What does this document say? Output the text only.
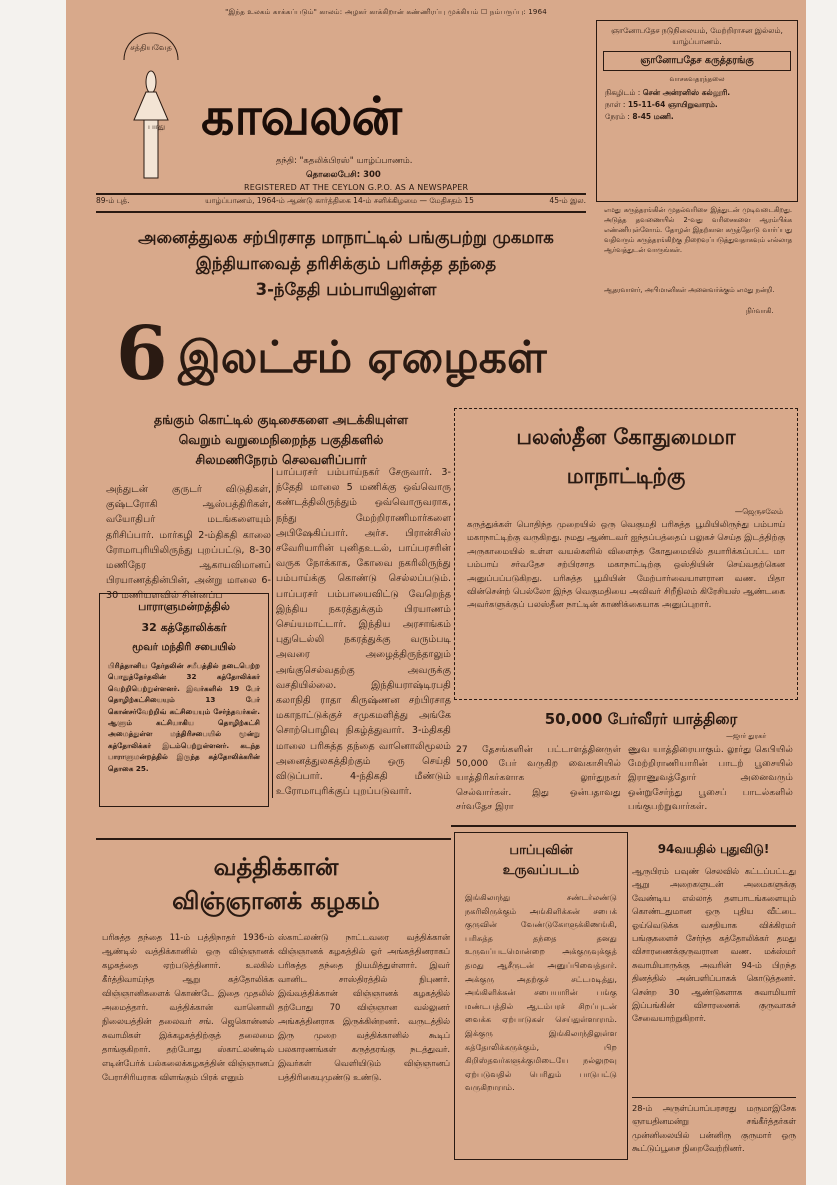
"இந்த உலகம் காக்கப்படும்" காலம்: அழகர் காக்கிறான் கண்ணிரப்பு முக்கியம் ☐ நம்பருப்பு: 1964
சத்தியவேத
பாது காவலன்
தந்தி: "கதலிக்பிரஸ்" யாழ்ப்பாணம்.
தொலைபேசி: 300
REGISTERED AT THE CEYLON G.P.O. AS A NEWSPAPER
ஞானோபதேச நடுநிலையம், மேற்றிராசன இல்லம், யாழ்ப்பாணம்.
ஞானோபதேச கருத்தரங்கு
வாசகவதரந்தலை
நிகழிடம் : சென் அன்ரனிஸ் கல்லூரி.
நாள் : 15-11-64 ஞாயிறுவாரம்.
நேரம் : 8-45 மணி.
எமது கருத்தரங்கின் முதல்வரிசை இத்துடன் முடிவடைகிறது. அடுத்த தவணையில் 2-வது வரிசைகளை ஆரம்பிக்க எண்ணியுள்ளோம். தோழன் இதற்கான கருத்தோடு வார்ப்பது வதிவரும் கருத்தரங்கிற்கு நிறைவுப்படுத்துவதாகவும் எல்லாத ஆர்வத்துடன் வாருங்கள்.
ஆதரவாளர், அபிமானிகள் அனைவர்க்கும் எமது நன்றி.
நிர்வாகி.
89-ம் புத்.	யாழ்ப்பாணம், 1964-ம் ஆண்டு கார்த்திகை 14-ம் சனிக்கிழமை — மேதிசதம் 15	45-ம் இல.
அனைத்துலக சற்பிரசாத மாநாட்டில் பங்குபற்று முகமாக
இந்தியாவைத் தரிசிக்கும் பரிசுத்த தந்தை
3-ந்தேதி பம்பாயிலுள்ள
6 இலட்சம் ஏழைகள்
தங்கும் கொட்டில் குடிசைகளை அடக்கியுள்ள
வெறும் வறுமைநிறைந்த பகுதிகளில்
சிலமணிநேரம் செலவளிப்பார்
அந்துடன் குருடர் விடுதிகள், குஷ்டரோகி ஆஸ்பத்திரிகள், வயோதிபர் மடங்களையும் தரிசிப்பார். மார்கழி 2-ம்திகதி காலை ரோமாபுரியிலிருந்து புறப்பட்டு, 8-30 மணிநேர ஆகாயவிமானப் பிரயாணத்தின்பின், அன்று மாலை 6-30 மணியளவில் சின்னப்ப
பாப்பரசர் பம்பாய்நகர் சேருவார். 3-ந்தேதி மாலை 5 மணிக்கு ஒவ்வொரு கண்டத்திலிருந்தும் ஒவ்வொருவராக, நந்து மேற்றிராணிமார்களை அபிஷேகிப்பார். அர்ச. பிரான்சிஸ் சவேரியாரின் புனிதஉடல், பாப்பரசரின் வருக நோக்காக, கோவை நகரிலிருந்து பம்பாய்க்கு கொண்டு செல்லப்படும். பாப்பரசர் பம்பாயைவிட்டு வேறெந்த இந்திய நகரத்துக்கும் பிரயாணம் செய்யமாட்டார். இந்திய அரசாங்கம் புதுடெல்லி நகரத்துக்கு வரும்படி அவரை அழைத்திருந்தாலும் அங்குசெல்வதற்கு அவருக்கு வசதியில்லை. இந்தியராஷ்டிரபதி கலாநிதி ராதா கிருஷ்ணன சற்பிரசாத மகாநாட்டுக்குச் சமுகமளித்து அங்கே சொற்பொழிவு நிகழ்த்துவார். 3-ம்திகதி மாலை பரிசுத்த தந்தை வானொலிமூலம் அனைத்துலகத்திற்கும் ஒரு செய்தி விடுப்பார். 4-ந்திகதி மீண்டும் உரோமாபுரிக்குப் புறப்படுவார்.
பாராளுமன்றத்தில்
32 கத்தோலிக்கர்
மூவர் மந்திரி சபையில்
பிரித்தானிய தேர்தலின் சமீபத்தில் நடைபெற்ற பொதுத்தேர்தலின் 32 கத்தோலிக்கர் வெற்றிபெற்றுள்ளனர். இவர்களில் 19 பேர் தொழிற்கட்சியையும் 13 பேர் கொன்சர்வேற்றிவ் கட்சியையும் சேர்ந்தவர்கள். ஆளும் கட்சியாகிய தொழிற்கட்சி அமைத்துள்ள மந்திரிசபையில் மூன்று கத்தோலிக்கர் இடம்பெற்றுள்ளனர். கடந்த பாராளுமன்றத்தில் இருந்த கத்தோலிக்கரின் தொகை 25.
பலஸ்தீன கோதுமைமா
மாநாட்டிற்கு
—ஜெருசலேம்
கருத்துக்கள் பொதிந்த முறையில் ஒரு வெகுமதி பரிசுத்த பூமியிலிருந்து பம்பாய் மகாநாட்டிற்கு வருகிறது. நமது ஆண்டவர் ஐந்தப்பத்தைப் பலுகச் செய்த இடத்திற்கு அருகாமையில் உள்ள வயல்களில் விளைந்த கோதுமையில் தயாரிக்கப்பட்ட மா பம்பாய் சர்வதேச சற்பிரசாத மகாநாட்டிற்கு ஒஸ்தியின் செய்வதற்கென அனுப்பப்படுகிறது. பரிசுத்த பூமியின் மேற்பார்வையாளரான வண. பிதா வின்சென்ற் பெல்லோ இந்த வெகுமதியை அவிவர் சிறீநிலம் கிரேசியஸ் ஆண்டகை அவர்களுக்குப் பலஸ்தீன நாட்டின் காணிக்கையாக அனுப்புறார்.
50,000 பேர்வீரர் யாத்திரை
—ஜார் துரகர்
27 தேசங்களின் பட்டாளத்தினருள் 50,000 பேர் வருகிற வைகாசியில் யாத்திரிகர்களாக லூர்துநகர் செல்வார்கள். இது ஒன்பதாவது சர்வதேச இரா
ணுவ யாத்திரையாகும். லூர்து கெபியில் மேற்றிராணியாரின் பாடற் பூசையில் இராணுவத்தோர் அனைவரும் ஒன்றுசேர்ந்து பூசைப் பாடல்களில் பங்குபற்றுவார்கள்.
வத்திக்கான்
விஞ்ஞானக் கழகம்
பரிசுத்த தந்தை 11-ம் பத்திநாதர் 1936-ம் ஆண்டில் வத்திக்கானில் ஒரு விஞ்ஞானக் கழகத்தை ஏற்படுத்தினார். உலகில் கீர்த்திவாய்ந்த ஆறு கத்தோலிக்க விஞ்ஞானிகளைக் கொண்டே இதை முதலில் அமைத்தார். வத்திக்கான் வானொலி நிலையத்தின் தலைவர் சங். ஜெகொன்னல் சுவாமிகள் இக்கழகத்திற்குத் தலைமை தாங்குகிறார். தற்போது ஸ்காட்லண்டில் எடின்பேர்க் பல்கலைக்கழகத்தின் விஞ்ஞானப் பேராசிரியராக விளங்கும் பிரக் எனும்
ஸ்காட்லண்டு நாட்டவரை வத்திக்கான் விஞ்ஞானக் கழகத்தில் ஓர் அங்கத்தினராகப் பரிசுத்த தந்தை நியமித்துள்ளார். இவர் வானிட சாஸ்திரத்தில் நிபுணர். இவ்வத்திக்கான் விஞ்ஞானக் கழகத்தில் தற்போது 70 விஞ்ஞான வல்லுனர் அங்கத்தினராக இருக்கின்றனர். வருடத்தில் இரு முறை வத்திக்கானில் கூடிப் பலகாரணங்கள் கருத்தரங்கு நடத்துவர். இவர்கள் வெளியிடும் விஞ்ஞானப் பத்திரிகையுமுண்டு உண்டு.
பாப்புவின்
உருவப்படம்
இங்கிலாந்து சண்டர்லண்டு நகரிலிருக்கும் அங்கிளிக்கன் சபைக் குருவின் வேண்டுகோளுக்கிணங்கி, பரிசுத்த தந்தை தனது உருவப்படமொன்றை அக்குருவுக்குத் தமது ஆசீருடன் அனுப்பிவைத்தார். அக்குரு அதற்குச் சட்டமடித்து, அங்கிளிக்கன் சபையாரின் பங்கு மண்டபத்தில் ஆடம்பரச் சிறப்புடன் வைக்க ஏற்பாடுகள் செய்துள்ளாராம். இக்குரு இங்கிலாந்திலுள்ள கத்தோலிக்கருக்கும், பிற கிறிஸ்தவர்களுக்குமிடையே நல்லுறவு ஏற்படுவதில் பெரிதும் பாடுபட்டு வருகிறாராம்.
94வயதில் புதுவிடு!
ஆருபிரம் பவுண் செலவில் கட்டப்பட்டது ஆறு அறைகளுடன் அமைகளுக்கு வேண்டிய எல்லாத் தளபாடங்களையும் கொண்டதுமான ஒரு புதிய வீட்டை ஓய்வெடுக்க வசதியாக விக்கிரமர் பங்குகளைச் சேர்ந்த கத்தோலிக்கர் தமது விசாரணைக்குருவரான வண. மக்ஸ்மர் சுவாமியாருக்கு அவரின் 94-ம் பிறந்த தினத்தில் அன்பளிப்பாகக் கொடுத்தனர். சென்ற 30 ஆண்டுகளாக சுவாமியார் இப்பங்கின் விசாரணைக் குருவாகச் சேவையாற்றுகிறார்.
28-ம் அருள்ப்பாப்பரசரது மருமாஇசேக ஞாயதினமன்று சங்கீர்த்தர்கள் முன்னிலையில் பன்னிரு குருமார் ஒரு கூட்டுப்பூசை நிறைவேற்றினர்.
